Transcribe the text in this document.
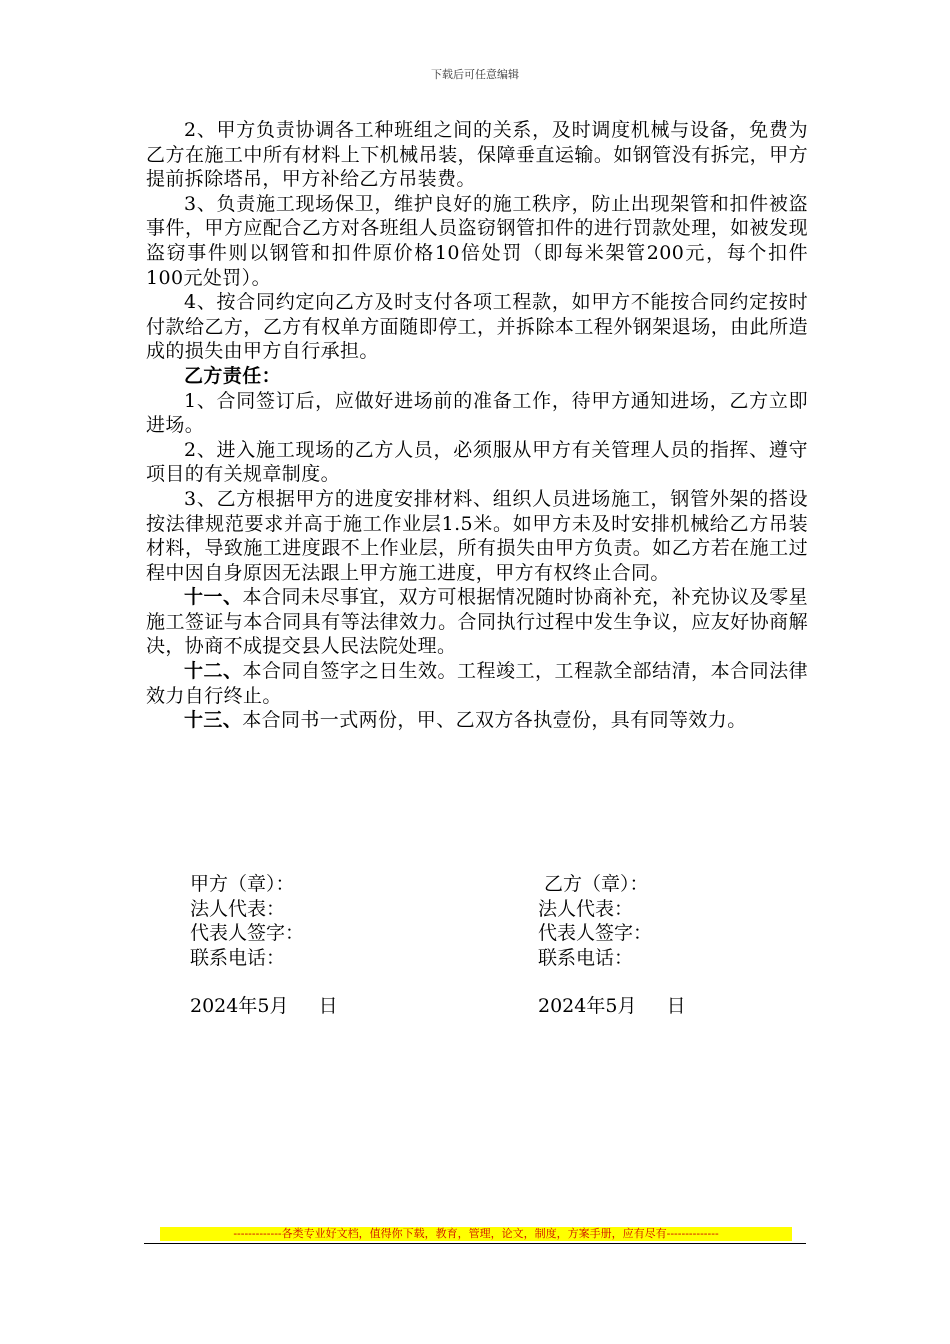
下载后可任意编辑

2、甲方负责协调各工种班组之间的关系，及时调度机械与设备，免费为乙方在施工中所有材料上下机械吊装，保障垂直运输。如钢管没有拆完，甲方提前拆除塔吊，甲方补给乙方吊装费。

3、负责施工现场保卫，维护良好的施工秩序，防止出现架管和扣件被盗事件，甲方应配合乙方对各班组人员盗窃钢管扣件的进行罚款处理，如被发现盗窃事件则以钢管和扣件原价格10倍处罚（即每米架管200元，每个扣件100元处罚）。

4、按合同约定向乙方及时支付各项工程款，如甲方不能按合同约定按时付款给乙方，乙方有权单方面随即停工，并拆除本工程外钢架退场，由此所造成的损失由甲方自行承担。

乙方责任：

1、合同签订后，应做好进场前的准备工作，待甲方通知进场，乙方立即进场。

2、进入施工现场的乙方人员，必须服从甲方有关管理人员的指挥、遵守项目的有关规章制度。

3、乙方根据甲方的进度安排材料、组织人员进场施工，钢管外架的搭设按法律规范要求并高于施工作业层1.5米。如甲方未及时安排机械给乙方吊装材料，导致施工进度跟不上作业层，所有损失由甲方负责。如乙方若在施工过程中因自身原因无法跟上甲方施工进度，甲方有权终止合同。

十一、本合同未尽事宜，双方可根据情况随时协商补充，补充协议及零星施工签证与本合同具有等法律效力。合同执行过程中发生争议，应友好协商解决，协商不成提交县人民法院处理。

十二、本合同自签字之日生效。工程竣工，工程款全部结清，本合同法律效力自行终止。

十三、本合同书一式两份，甲、乙双方各执壹份，具有同等效力。

甲方（章）：
法人代表：
代表人签字：
联系电话：
2024年5月     日
乙方（章）：
法人代表：
代表人签字：
联系电话：
2024年5月     日
-------------各类专业好文档，值得你下载，教育，管理，论文，制度，方案手册，应有尽有--------------
